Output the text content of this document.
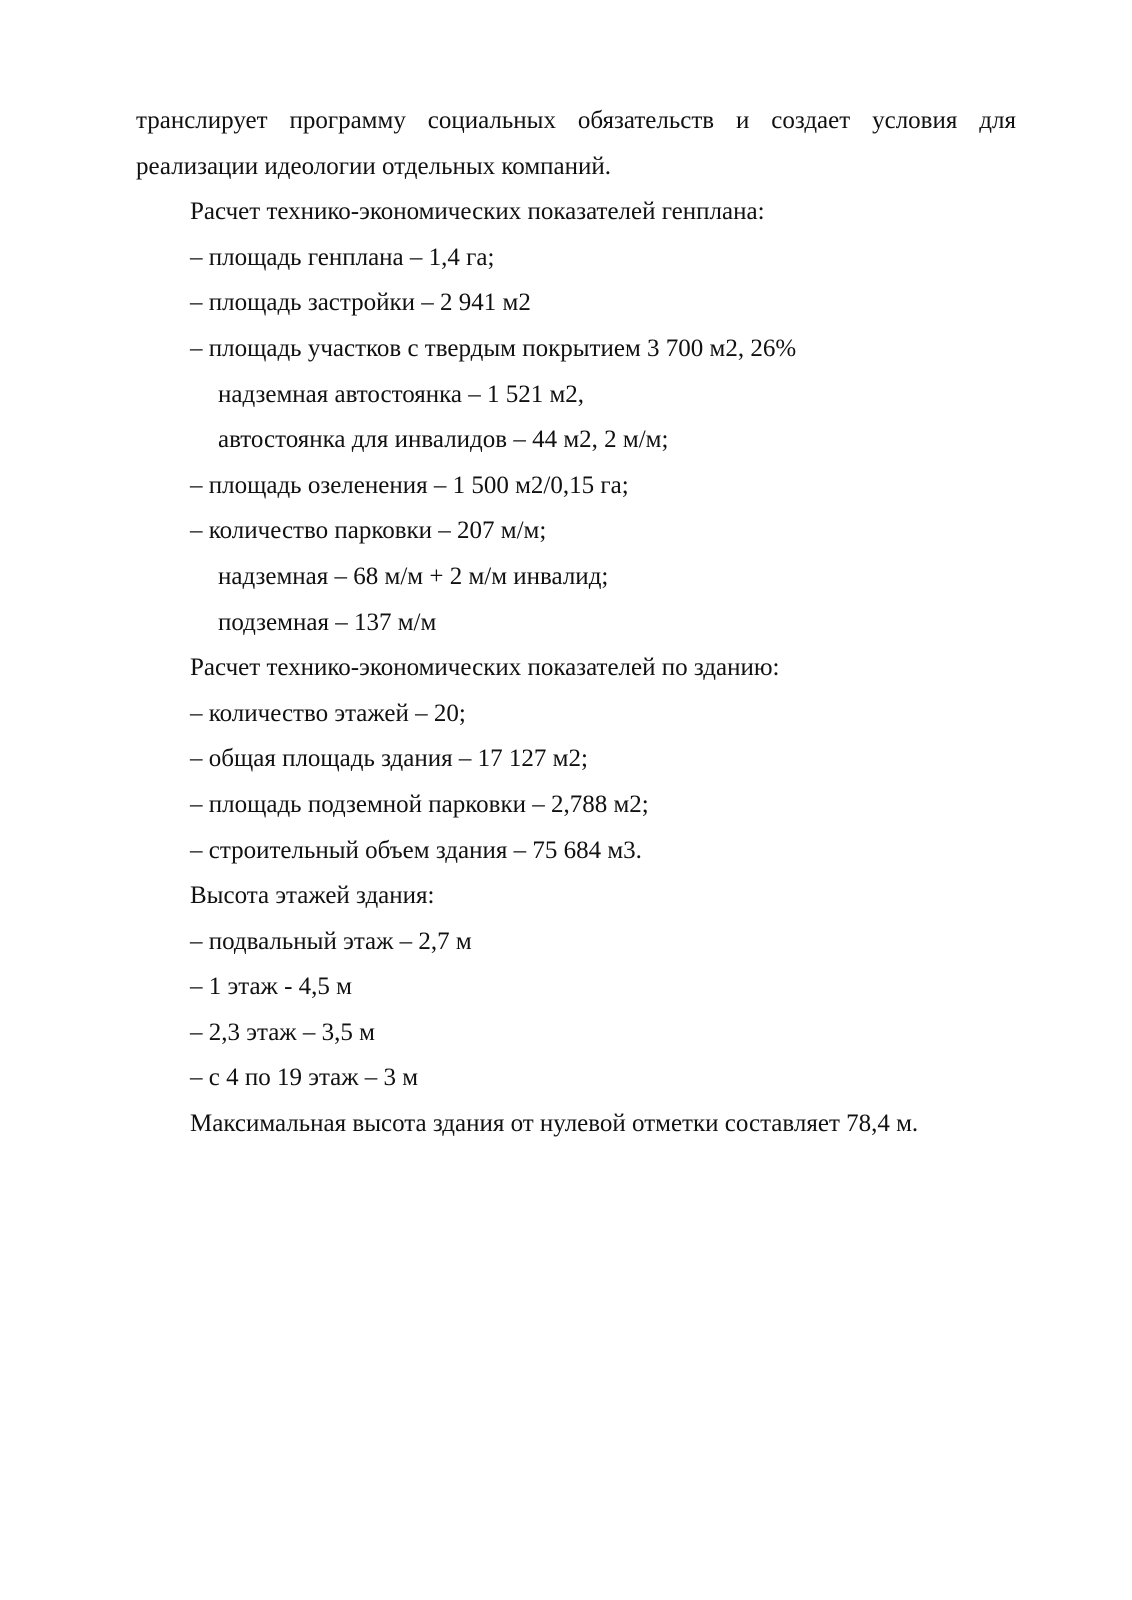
транслирует программу социальных обязательств и создает условия для
реализации идеологии отдельных компаний.
Расчет технико-экономических показателей генплана:
– площадь генплана – 1,4 га;
– площадь застройки – 2 941 м2
– площадь участков с твердым покрытием 3 700 м2, 26%
надземная автостоянка – 1 521 м2,
автостоянка для инвалидов – 44 м2, 2 м/м;
– площадь озеленения – 1 500 м2/0,15 га;
– количество парковки – 207 м/м;
надземная – 68 м/м + 2 м/м инвалид;
подземная – 137 м/м
Расчет технико-экономических показателей по зданию:
– количество этажей – 20;
– общая площадь здания – 17 127 м2;
– площадь подземной парковки – 2,788 м2;
– строительный объем здания – 75 684 м3.
Высота этажей здания:
– подвальный этаж – 2,7 м
– 1 этаж - 4,5 м
– 2,3 этаж – 3,5 м
– с 4 по 19 этаж – 3 м
Максимальная высота здания от нулевой отметки составляет 78,4 м.
